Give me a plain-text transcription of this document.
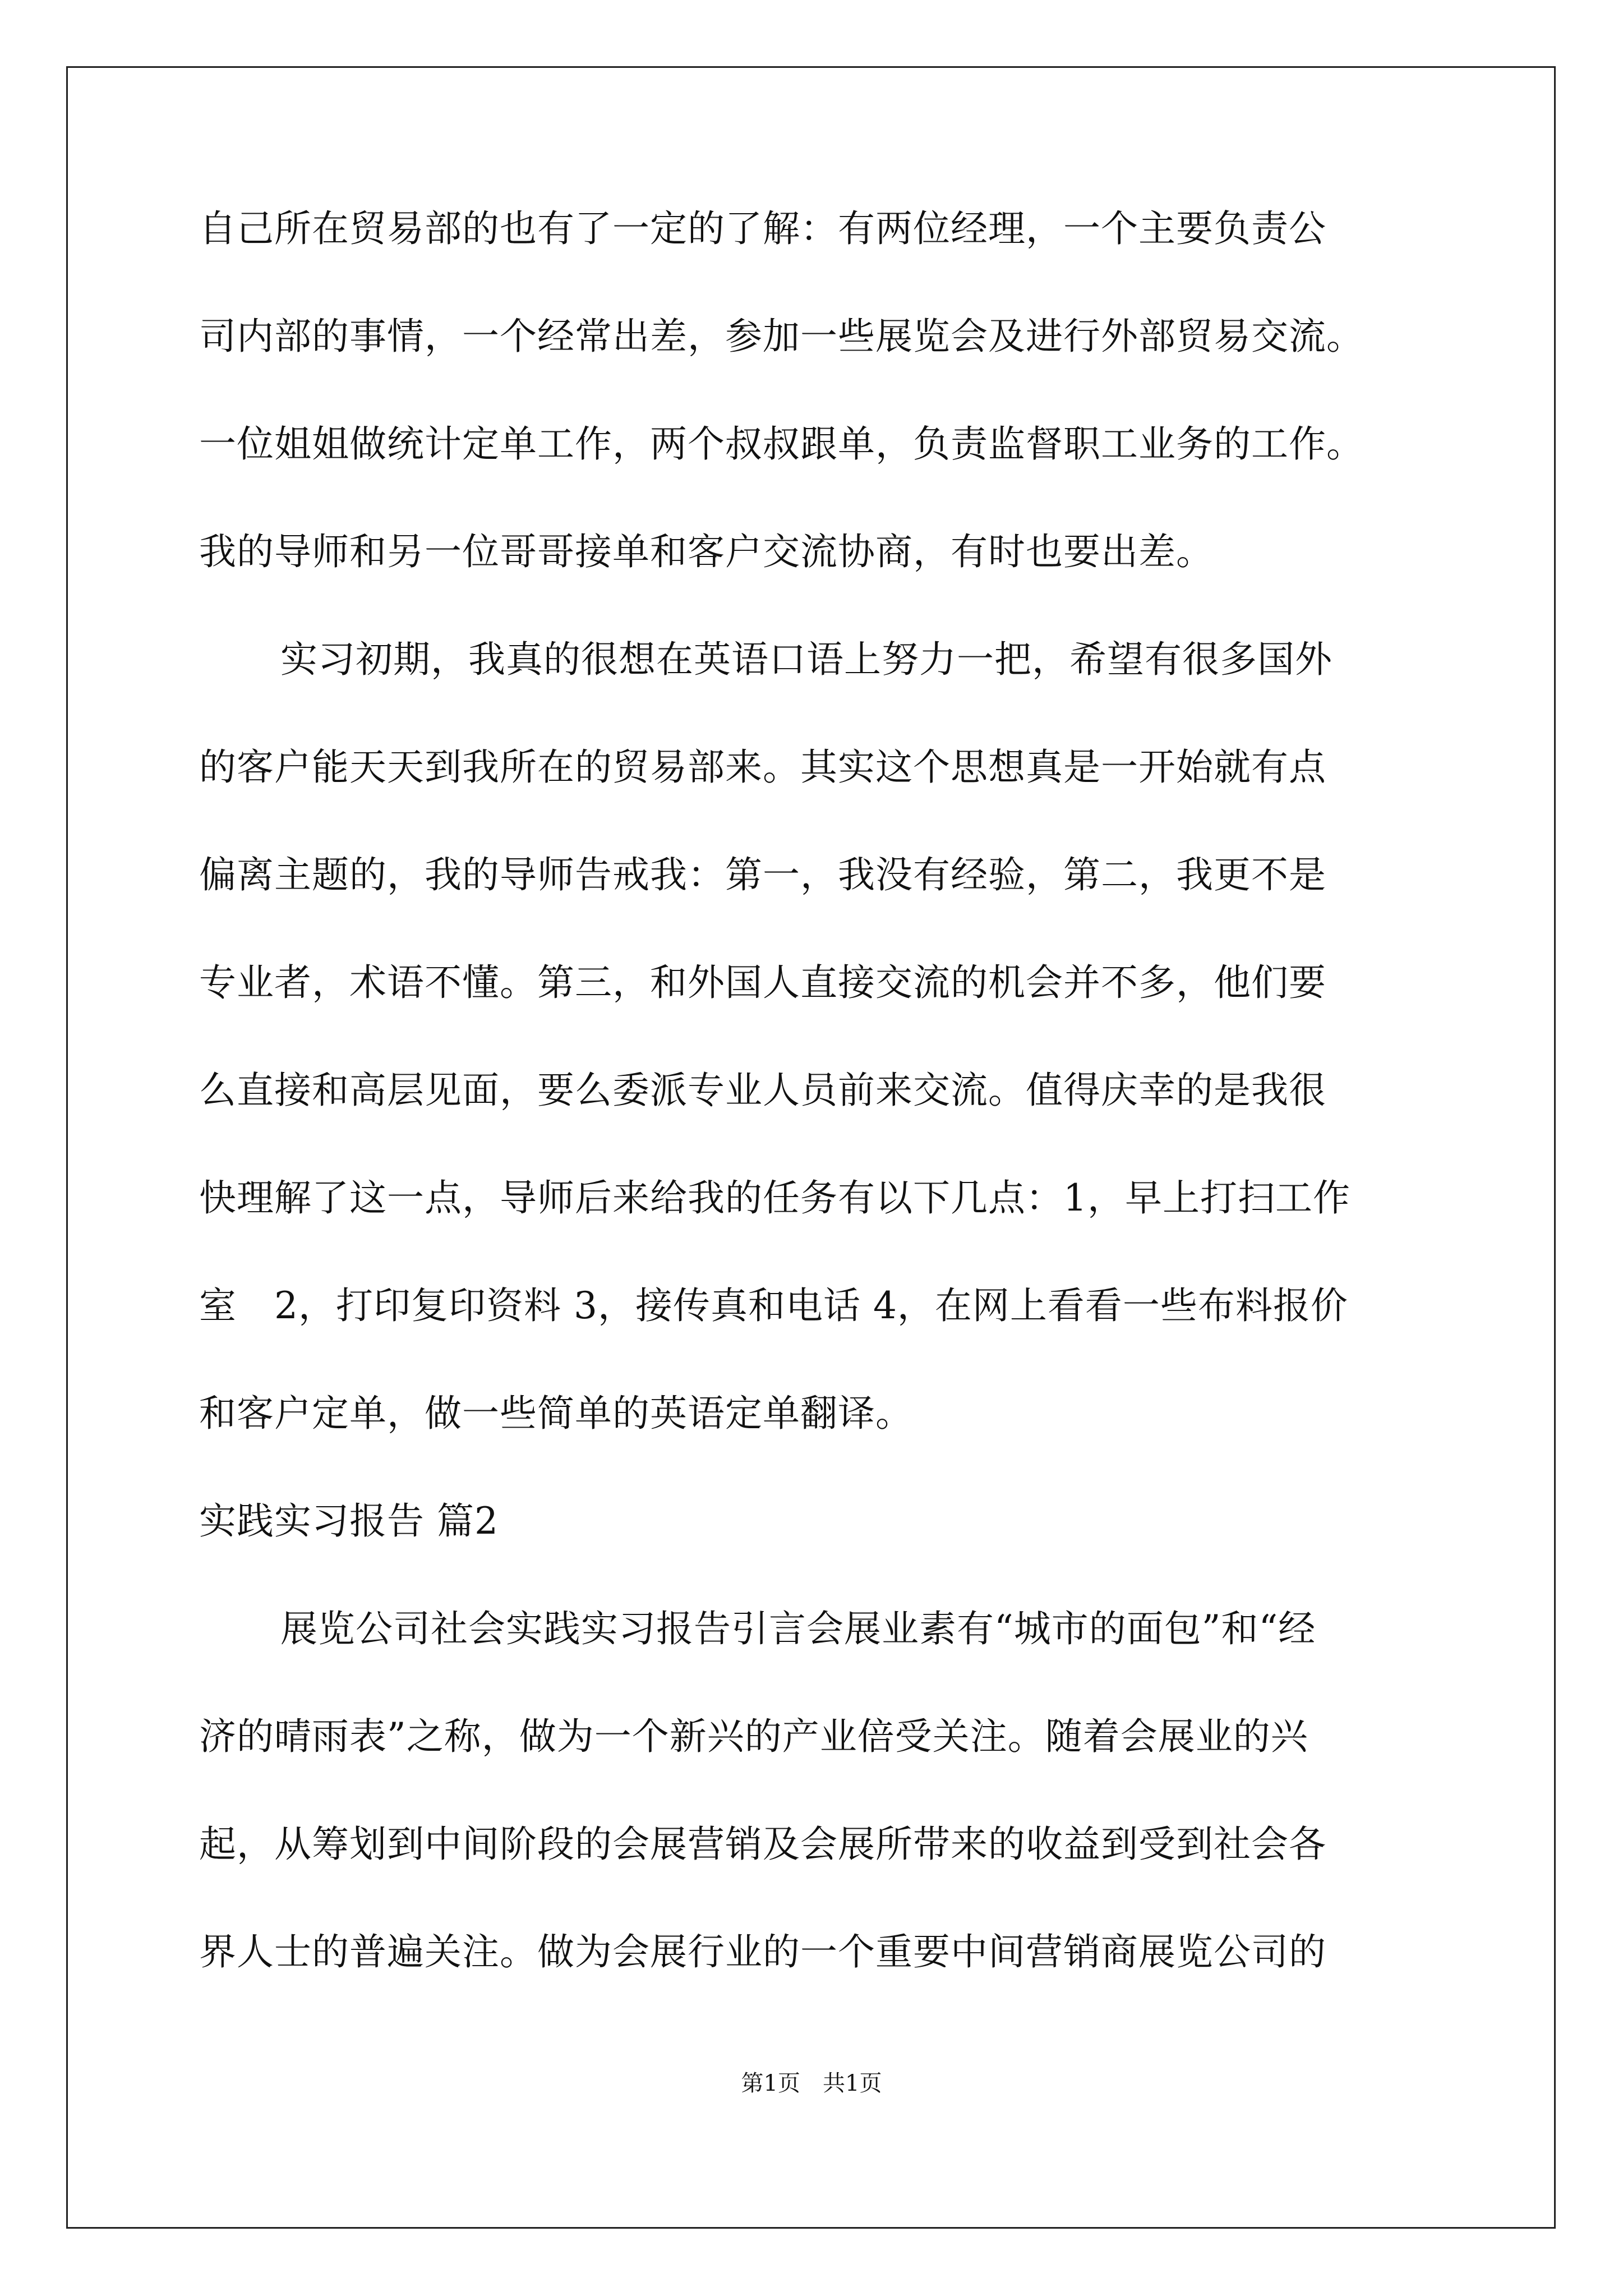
自己所在贸易部的也有了一定的了解：有两位经理，一个主要负责公
司内部的事情，一个经常出差，参加一些展览会及进行外部贸易交流。
一位姐姐做统计定单工作，两个叔叔跟单，负责监督职工业务的工作。
我的导师和另一位哥哥接单和客户交流协商，有时也要出差。
实习初期，我真的很想在英语口语上努力一把，希望有很多国外
的客户能天天到我所在的贸易部来。其实这个思想真是一开始就有点
偏离主题的，我的导师告戒我：第一，我没有经验，第二，我更不是
专业者，术语不懂。第三，和外国人直接交流的机会并不多，他们要
么直接和高层见面，要么委派专业人员前来交流。值得庆幸的是我很
快理解了这一点，导师后来给我的任务有以下几点：1，早上打扫工作
室　2，打印复印资料 3，接传真和电话 4，在网上看看一些布料报价
和客户定单，做一些简单的英语定单翻译。
实践实习报告 篇2
展览公司社会实践实习报告引言会展业素有“城市的面包”和“经
济的晴雨表”之称，做为一个新兴的产业倍受关注。随着会展业的兴
起，从筹划到中间阶段的会展营销及会展所带来的收益到受到社会各
界人士的普遍关注。做为会展行业的一个重要中间营销商展览公司的
第1页　共1页
